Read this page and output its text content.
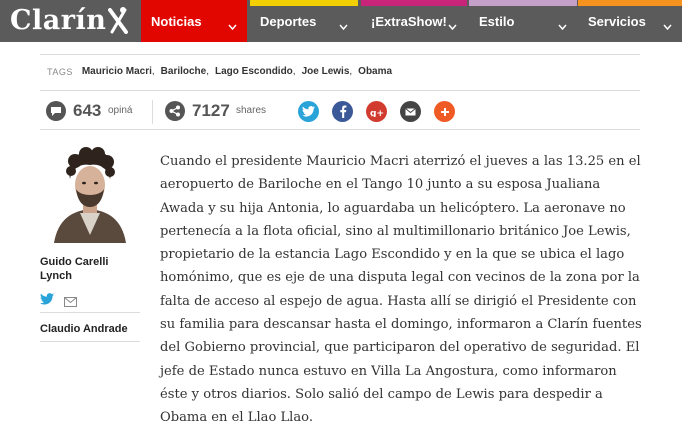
Clarín	Noticias	Deportes	¡ExtraShow! Estilo	Servicios
TAGS Mauricio Macri , Bariloche , Lago Escondido , Joe Lewis , Obama
643 opiná	7127 shares	g+
Guido Carelli
Lynch
Claudio Andrade
Cuando el presidente Mauricio Macri aterrizó el jueves a las 13.25 en el aeropuerto de Bariloche en el Tango 10 junto a su esposa Jualiana Awada y su hija Antonia, lo aguardaba un helicóptero. La aeronave no pertenecía a la flota oficial, sino al multimillonario británico Joe Lewis, propietario de la estancia Lago Escondido y en la que se ubica el lago homónimo, que es eje de una disputa legal con vecinos de la zona por la falta de acceso al espejo de agua. Hasta allí se dirigió el Presidente con su familia para descansar hasta el domingo, informaron a Clarín fuentes del Gobierno provincial, que participaron del operativo de seguridad. El jefe de Estado nunca estuvo en Villa La Angostura, como informaron éste y otros diarios. Solo salió del campo de Lewis para despedir a Obama en el Llao Llao.
